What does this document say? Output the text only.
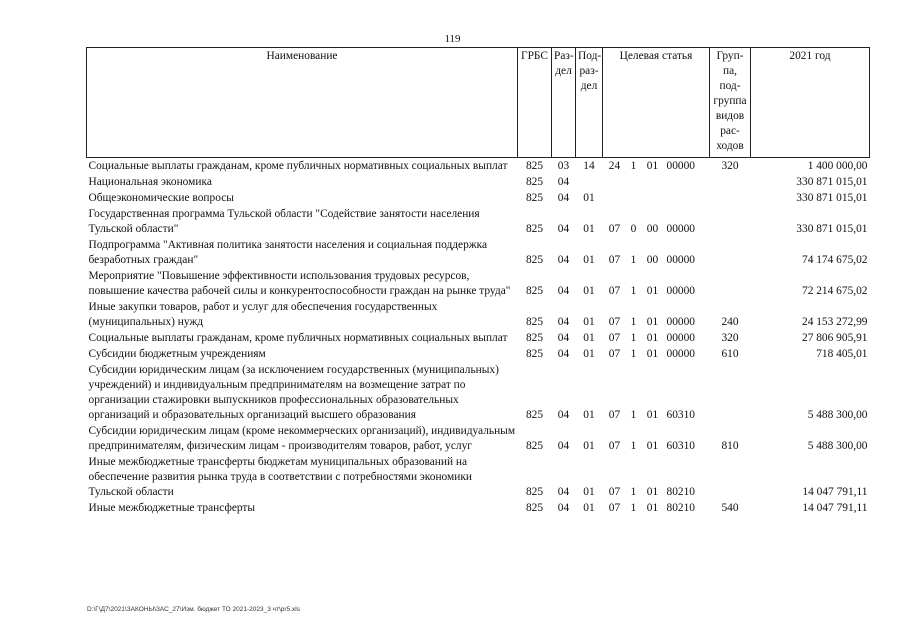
119
Наименование	ГРБС	Раз- дел	Под- раз- дел	Целевая статья				Груп- па, под- группа видов рас- ходов	2021 год
Социальные выплаты гражданам, кроме публичных нормативных социальных выплат	825	03	14	24	1	01	00000	320	1 400 000,00
Национальная экономика	825	04							330 871 015,01
Общеэкономические вопросы	825	04	01						330 871 015,01
Государственная программа Тульской области "Содействие занятости населения Тульской области"	825	04	01	07	0	00	00000		330 871 015,01
Подпрограмма "Активная политика занятости населения и социальная поддержка безработных граждан"	825	04	01	07	1	00	00000		74 174 675,02
Мероприятие "Повышение эффективности использования трудовых ресурсов, повышение качества рабочей силы и конкурентоспособности граждан на рынке труда"	825	04	01	07	1	01	00000		72 214 675,02
Иные закупки товаров, работ и услуг для обеспечения государственных (муниципальных) нужд	825	04	01	07	1	01	00000	240	24 153 272,99
Социальные выплаты гражданам, кроме публичных нормативных социальных выплат	825	04	01	07	1	01	00000	320	27 806 905,91
Субсидии бюджетным учреждениям	825	04	01	07	1	01	00000	610	718 405,01
Субсидии юридическим лицам (за исключением государственных (муниципальных) учреждений) и индивидуальным предпринимателям на возмещение затрат по организации стажировки выпускников профессиональных образовательных организаций и образовательных организаций высшего образования	825	04	01	07	1	01	60310		5 488 300,00
Субсидии юридическим лицам (кроме некоммерческих организаций), индивидуальным предпринимателям, физическим лицам - производителям товаров, работ, услуг	825	04	01	07	1	01	60310	810	5 488 300,00
Иные межбюджетные трансферты бюджетам муниципальных образований на обеспечение развития рынка труда в соответствии с потребностями экономики Тульской области	825	04	01	07	1	01	80210		14 047 791,11
Иные межбюджетные трансферты	825	04	01	07	1	01	80210	540	14 047 791,11
D:\Г\Д7\2021\ЗАКОНЫ\ЗАС_27\Изм. бюджет ТО 2021-2023_3 чт\pr5.xls
